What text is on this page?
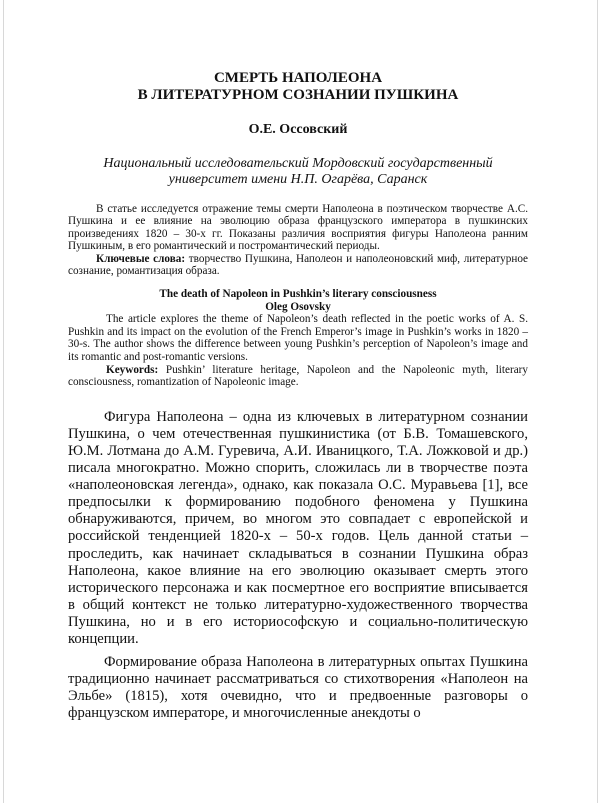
СМЕРТЬ НАПОЛЕОНА
В ЛИТЕРАТУРНОМ СОЗНАНИИ ПУШКИНА
О.Е. Оссовский
Национальный исследовательский Мордовский государственный
университет имени Н.П. Огарёва, Саранск

В статье исследуется отражение темы смерти Наполеона в поэтическом творчестве А.С. Пушкина и ее влияние на эволюцию образа французского императора в пушкинских произведениях 1820 – 30-х гг. Показаны различия восприятия фигуры Наполеона ранним Пушкиным, в его романтический и постромантический периоды.

Ключевые слова: творчество Пушкина, Наполеон и наполеоновский миф, литературное сознание, романтизация образа.

The death of Napoleon in Pushkin’s literary consciousness
Oleg Osovsky

The article explores the theme of Napoleon’s death reflected in the poetic works of A. S. Pushkin and its impact on the evolution of the French Emperor’s image in Pushkin’s works in 1820 – 30-s. The author shows the difference between young Pushkin’s perception of Napoleon’s image and its romantic and post-romantic versions.

Keywords: Pushkin’ literature heritage, Napoleon and the Napoleonic myth, literary consciousness, romantization of Napoleonic image.

Фигура Наполеона – одна из ключевых в литературном сознании Пушкина, о чем отечественная пушкинистика (от Б.В. Томашевского, Ю.М. Лотмана до А.М. Гуревича, А.И. Иваницкого, Т.А. Ложковой и др.) писала многократно. Можно спорить, сложилась ли в творчестве поэта «наполеоновская легенда», однако, как показала О.С. Муравьева [1], все предпосылки к формированию подобного феномена у Пушкина обнаруживаются, причем, во многом это совпадает с европейской и российской тенденцией 1820-х – 50-х годов. Цель данной статьи – проследить, как начинает складываться в сознании Пушкина образ Наполеона, какое влияние на его эволюцию оказывает смерть этого исторического персонажа и как посмертное его восприятие вписывается в общий контекст не только литературно-художественного творчества Пушкина, но и в его историософскую и социально-политическую концепции.

Формирование образа Наполеона в литературных опытах Пушкина традиционно начинает рассматриваться со стихотворения «Наполеон на Эльбе» (1815), хотя очевидно, что и предвоенные разговоры о французском императоре, и многочисленные анекдоты о
